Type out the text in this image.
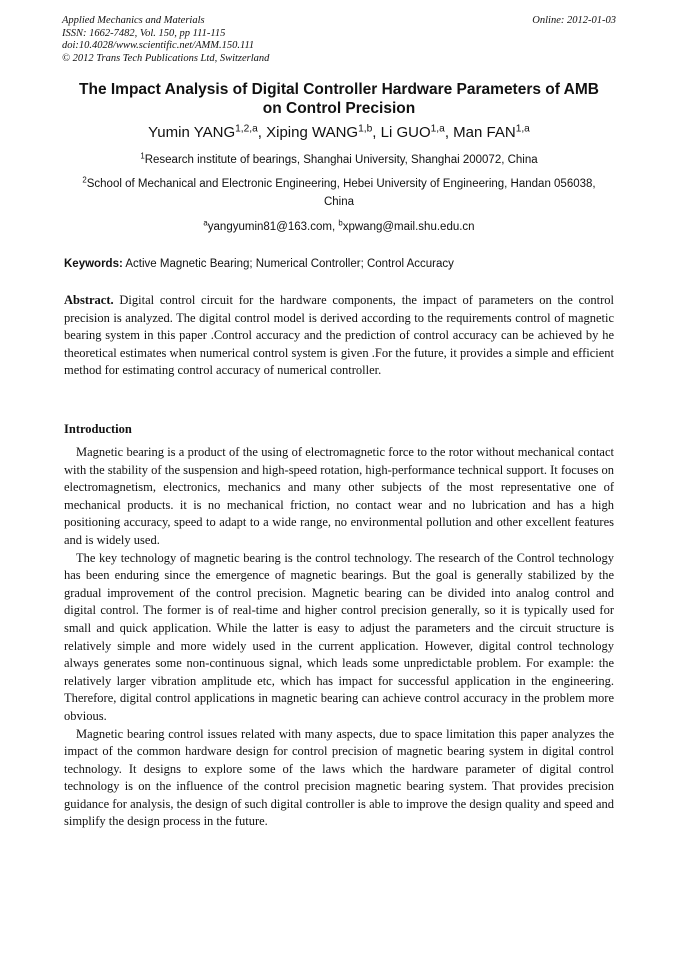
Applied Mechanics and Materials
ISSN: 1662-7482, Vol. 150, pp 111-115
doi:10.4028/www.scientific.net/AMM.150.111
© 2012 Trans Tech Publications Ltd, Switzerland
Online: 2012-01-03
The Impact Analysis of Digital Controller Hardware Parameters of AMB on Control Precision
Yumin YANG$^{1,2,a}$, Xiping WANG$^{1,b}$, Li GUO$^{1,a}$, Man FAN$^{1,a}$
$^1$Research institute of bearings, Shanghai University, Shanghai 200072, China
$^2$School of Mechanical and Electronic Engineering, Hebei University of Engineering, Handan 056038, China
$^a$yangyumin81@163.com, $^b$xpwang@mail.shu.edu.cn
Keywords: Active Magnetic Bearing; Numerical Controller; Control Accuracy
Abstract. Digital control circuit for the hardware components, the impact of parameters on the control precision is analyzed. The digital control model is derived according to the requirements control of magnetic bearing system in this paper .Control accuracy and the prediction of control accuracy can be achieved by he theoretical estimates when numerical control system is given .For the future, it provides a simple and efficient method for estimating control accuracy of numerical controller.
Introduction

Magnetic bearing is a product of the using of electromagnetic force to the rotor without mechanical contact with the stability of the suspension and high-speed rotation, high-performance technical support. It focuses on electromagnetism, electronics, mechanics and many other subjects of the most representative one of mechanical products. it is no mechanical friction, no contact wear and no lubrication and has a high positioning accuracy, speed to adapt to a wide range, no environmental pollution and other excellent features and is widely used.

The key technology of magnetic bearing is the control technology. The research of the Control technology has been enduring since the emergence of magnetic bearings. But the goal is generally stabilized by the gradual improvement of the control precision. Magnetic bearing can be divided into analog control and digital control. The former is of real-time and higher control precision generally, so it is typically used for small and quick application. While the latter is easy to adjust the parameters and the circuit structure is relatively simple and more widely used in the current application. However, digital control technology always generates some non-continuous signal, which leads some unpredictable problem. For example: the relatively larger vibration amplitude etc, which has impact for successful application in the engineering. Therefore, digital control applications in magnetic bearing can achieve control accuracy in the problem more obvious.

Magnetic bearing control issues related with many aspects, due to space limitation this paper analyzes the impact of the common hardware design for control precision of magnetic bearing system in digital control technology. It designs to explore some of the laws which the hardware parameter of digital control technology is on the influence of the control precision magnetic bearing system. That provides precision guidance for analysis, the design of such digital controller is able to improve the design quality and speed and simplify the design process in the future.
